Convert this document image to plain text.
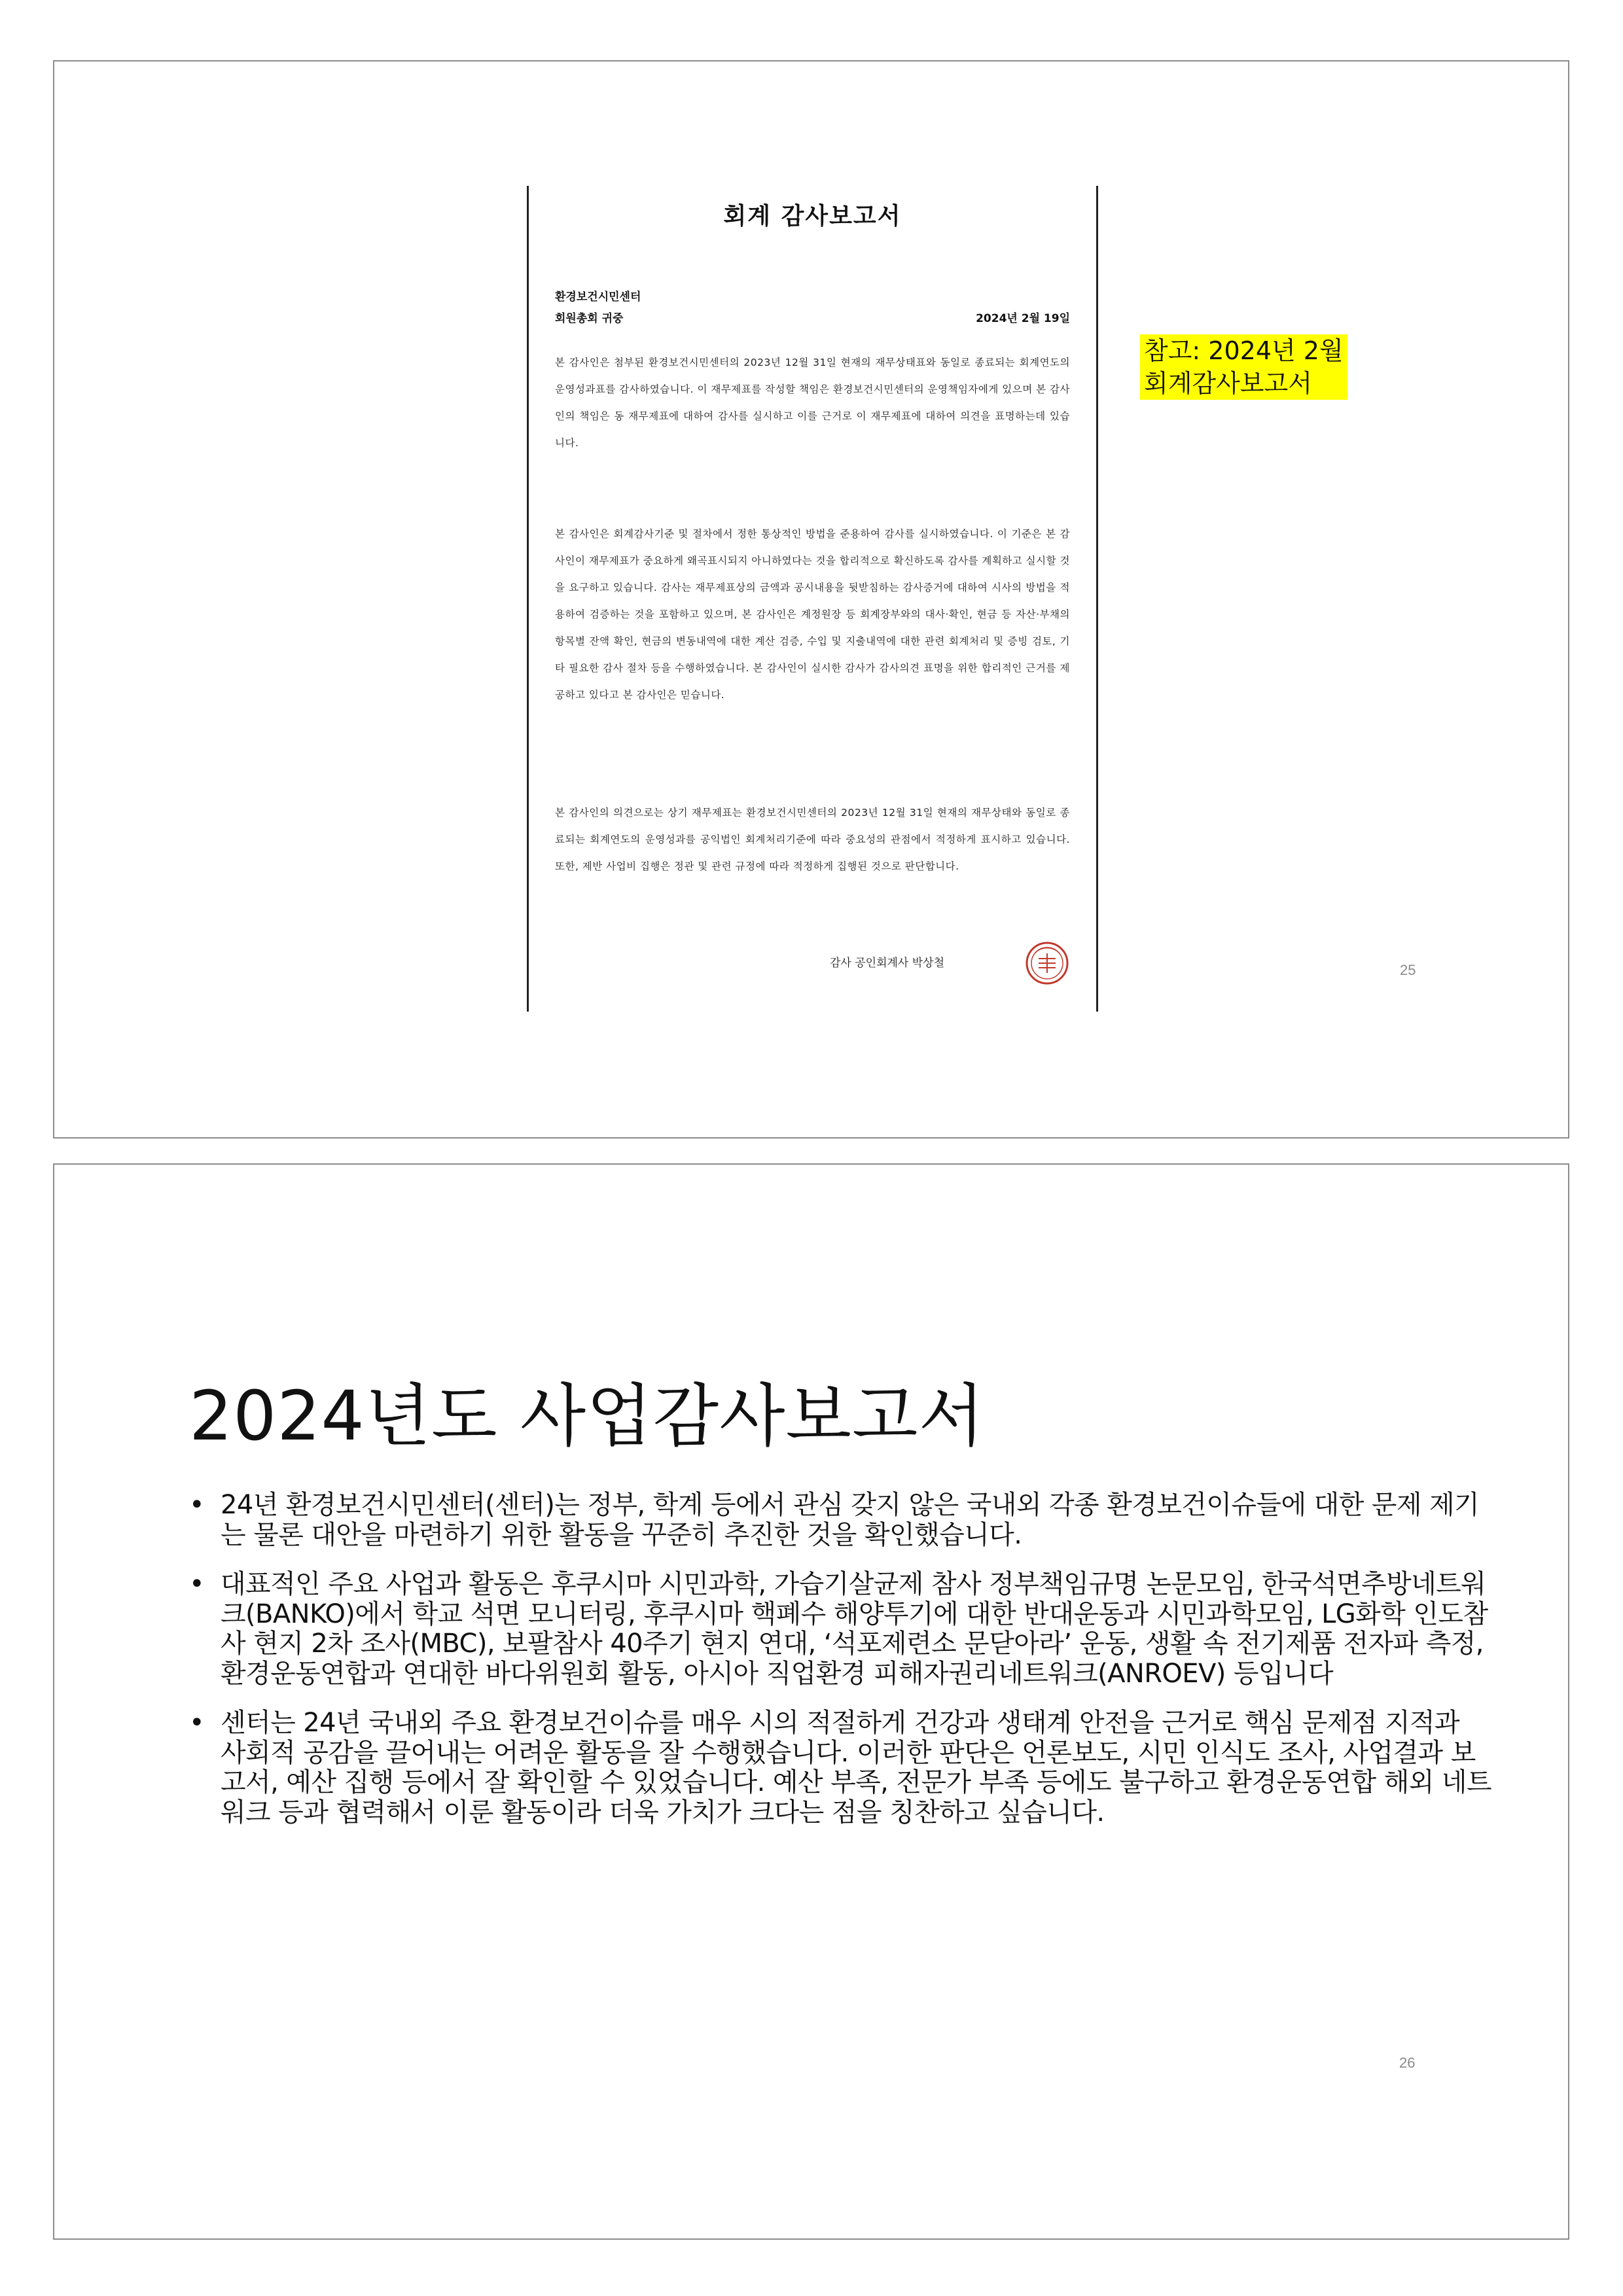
회계 감사보고서
환경보건시민센터
회원총회 귀중	2024년 2월 19일

본 감사인은 첨부된 환경보건시민센터의 2023년 12월 31일 현재의 재무상태표와 동일로 종료되는 회계연도의 운영성과표를 감사하였습니다. 이 재무제표를 작성할 책임은 환경보건시민센터의 운영책임자에게 있으며 본 감사인의 책임은 동 재무제표에 대하여 감사를 실시하고 이를 근거로 이 재무제표에 대하여 의견을 표명하는데 있습니다.

본 감사인은 회계감사기준 및 절차에서 정한 통상적인 방법을 준용하여 감사를 실시하였습니다. 이 기준은 본 감사인이 재무제표가 중요하게 왜곡표시되지 아니하였다는 것을 합리적으로 확신하도록 감사를 계획하고 실시할 것을 요구하고 있습니다. 감사는 재무제표상의 금액과 공시내용을 뒷받침하는 감사증거에 대하여 시사의 방법을 적용하여 검증하는 것을 포함하고 있으며, 본 감사인은 계정원장 등 회계장부와의 대사·확인, 현금 등 자산·부채의 항목별 잔액 확인, 현금의 변동내역에 대한 계산 검증, 수입 및 지출내역에 대한 관련 회계처리 및 증빙 검토, 기타 필요한 감사 절차 등을 수행하였습니다. 본 감사인이 실시한 감사가 감사의견 표명을 위한 합리적인 근거를 제공하고 있다고 본 감사인은 믿습니다.

본 감사인의 의견으로는 상기 재무제표는 환경보건시민센터의 2023년 12월 31일 현재의 재무상태와 동일로 종료되는 회계연도의 운영성과를 공익법인 회계처리기준에 따라 중요성의 관점에서 적정하게 표시하고 있습니다. 또한, 제반 사업비 집행은 정관 및 관련 규정에 따라 적정하게 집행된 것으로 판단합니다.

감사 공인회계사 박상철
참고: 2024년 2월
회계감사보고서
25
2024년도 사업감사보고서
• 24년 환경보건시민센터(센터)는 정부, 학계 등에서 관심 갖지 않은 국내외 각종 환경보건이슈들에 대한 문제 제기는 물론 대안을 마련하기 위한 활동을 꾸준히 추진한 것을 확인했습니다.
• 대표적인 주요 사업과 활동은 후쿠시마 시민과학, 가습기살균제 참사 정부책임규명 논문모임, 한국석면추방네트워크(BANKO)에서 학교 석면 모니터링, 후쿠시마 핵폐수 해양투기에 대한 반대운동과 시민과학모임, LG화학 인도참사 현지 2차 조사(MBC), 보팔참사 40주기 현지 연대, ‘석포제련소 문닫아라’ 운동, 생활 속 전기제품 전자파 측정, 환경운동연합과 연대한 바다위원회 활동, 아시아 직업환경 피해자권리네트워크(ANROEV) 등입니다
• 센터는 24년 국내외 주요 환경보건이슈를 매우 시의 적절하게 건강과 생태계 안전을 근거로 핵심 문제점 지적과 사회적 공감을 끌어내는 어려운 활동을 잘 수행했습니다. 이러한 판단은 언론보도, 시민 인식도 조사, 사업결과 보고서, 예산 집행 등에서 잘 확인할 수 있었습니다. 예산 부족, 전문가 부족 등에도 불구하고 환경운동연합 해외 네트워크 등과 협력해서 이룬 활동이라 더욱 가치가 크다는 점을 칭찬하고 싶습니다.
26
